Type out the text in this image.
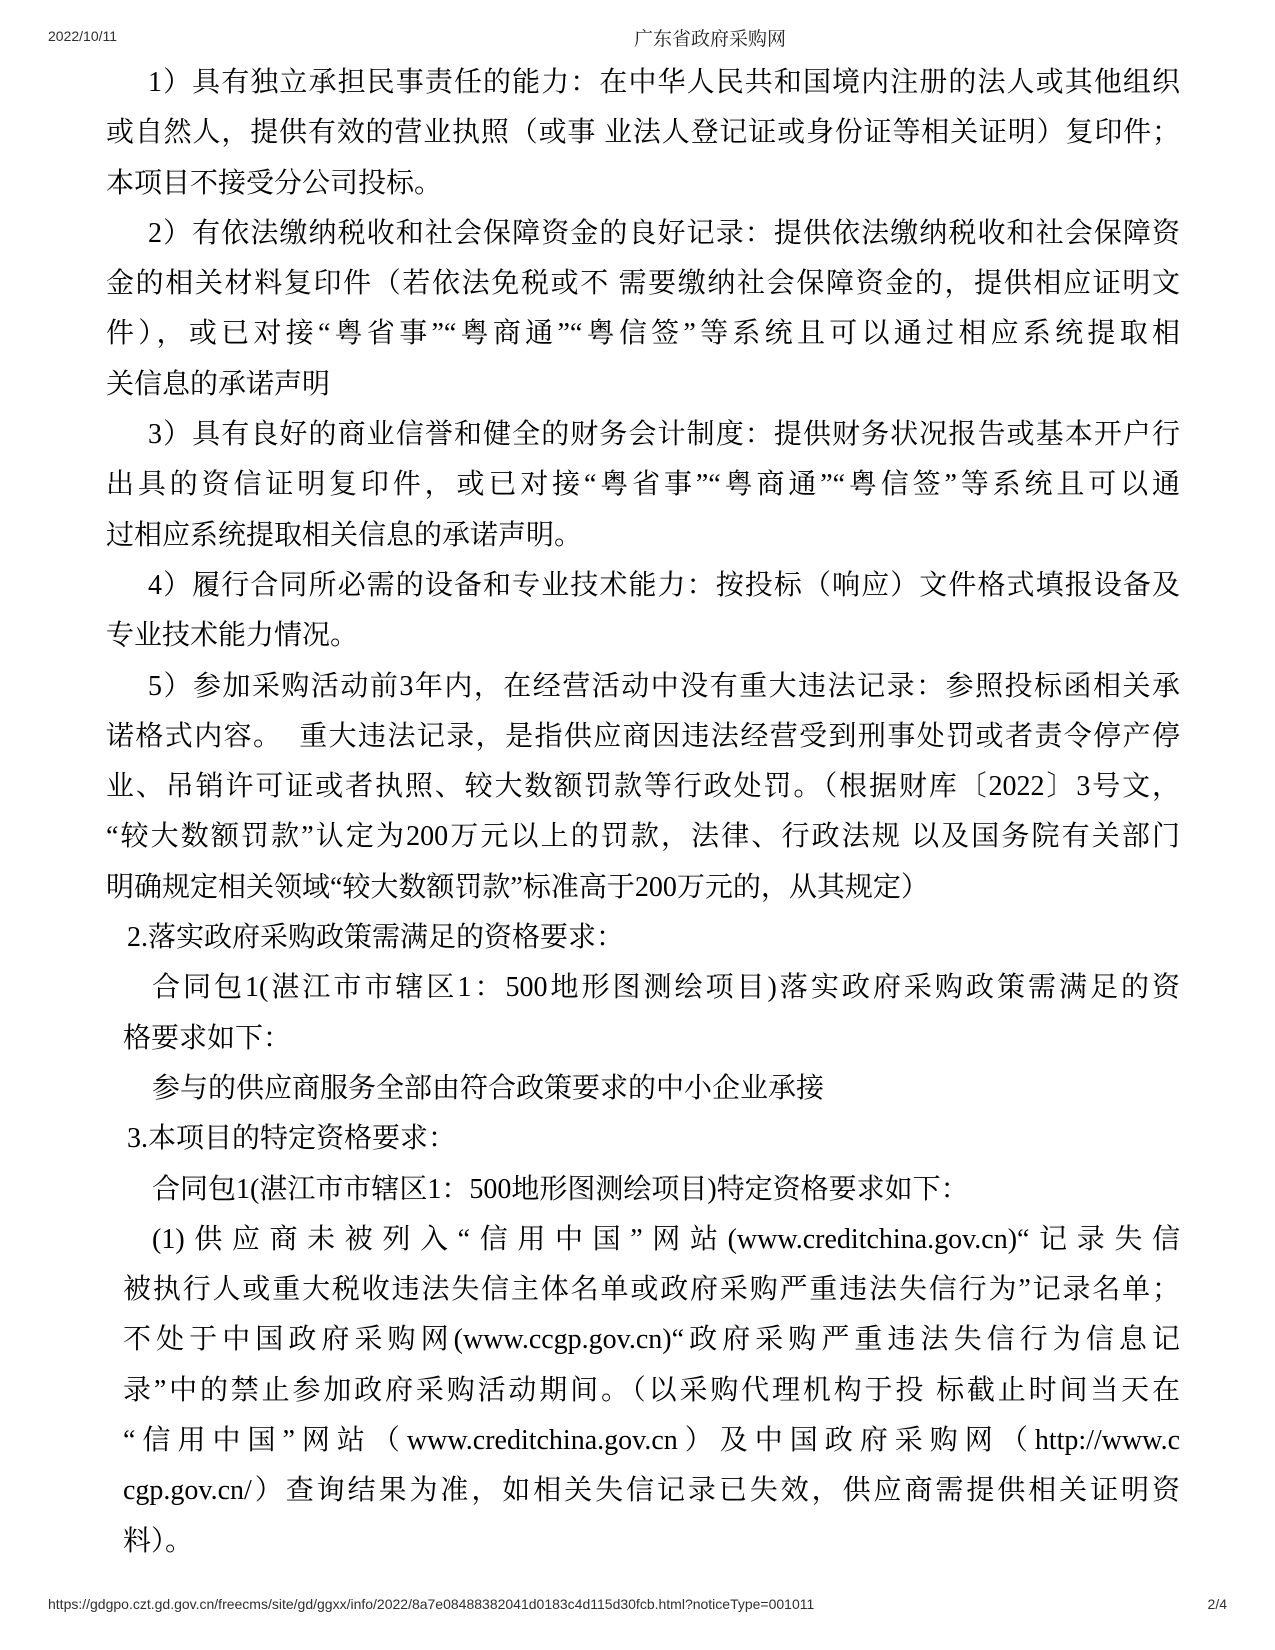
2022/10/11	广东省政府采购网
1）具有独立承担民事责任的能力：在中华人民共和国境内注册的法人或其他组织
或自然人，提供有效的营业执照（或事 业法人登记证或身份证等相关证明）复印件；
本项目不接受分公司投标。
2）有依法缴纳税收和社会保障资金的良好记录：提供依法缴纳税收和社会保障资
金的相关材料复印件（若依法免税或不 需要缴纳社会保障资金的，提供相应证明文
件），或已对接“粤省事”“粤商通”“粤信签”等系统且可以通过相应系统提取相
关信息的承诺声明
3）具有良好的商业信誉和健全的财务会计制度：提供财务状况报告或基本开户行
出具的资信证明复印件，或已对接“粤省事”“粤商通”“粤信签”等系统且可以通
过相应系统提取相关信息的承诺声明。
4）履行合同所必需的设备和专业技术能力：按投标（响应）文件格式填报设备及
专业技术能力情况。
5）参加采购活动前3年内，在经营活动中没有重大违法记录：参照投标函相关承
诺格式内容。  重大违法记录，是指供应商因违法经营受到刑事处罚或者责令停产停
业、吊销许可证或者执照、较大数额罚款等行政处罚。（根据财库〔2022〕3号文，
“较大数额罚款”认定为200万元以上的罚款，法律、行政法规 以及国务院有关部门
明确规定相关领域“较大数额罚款”标准高于200万元的，从其规定）
2.落实政府采购政策需满足的资格要求：
合同包1(湛江市市辖区1：500地形图测绘项目)落实政府采购政策需满足的资
格要求如下：
参与的供应商服务全部由符合政策要求的中小企业承接
3.本项目的特定资格要求：
合同包1(湛江市市辖区1：500地形图测绘项目)特定资格要求如下：
(1)供应商未被列入“信用中国”网站(www.creditchina.gov.cn)“记录失信
被执行人或重大税收违法失信主体名单或政府采购严重违法失信行为”记录名单；
不处于中国政府采购网(www.ccgp.gov.cn)“政府采购严重违法失信行为信息记
录”中的禁止参加政府采购活动期间。（以采购代理机构于投 标截止时间当天在
“信用中国”网站（www.creditchina.gov.cn）及中国政府采购网（http://www.c
cgp.gov.cn/）查询结果为准，如相关失信记录已失效，供应商需提供相关证明资
料）。
https://gdgpo.czt.gd.gov.cn/freecms/site/gd/ggxx/info/2022/8a7e08488382041d0183c4d115d30fcb.html?noticeType=001011	2/4
